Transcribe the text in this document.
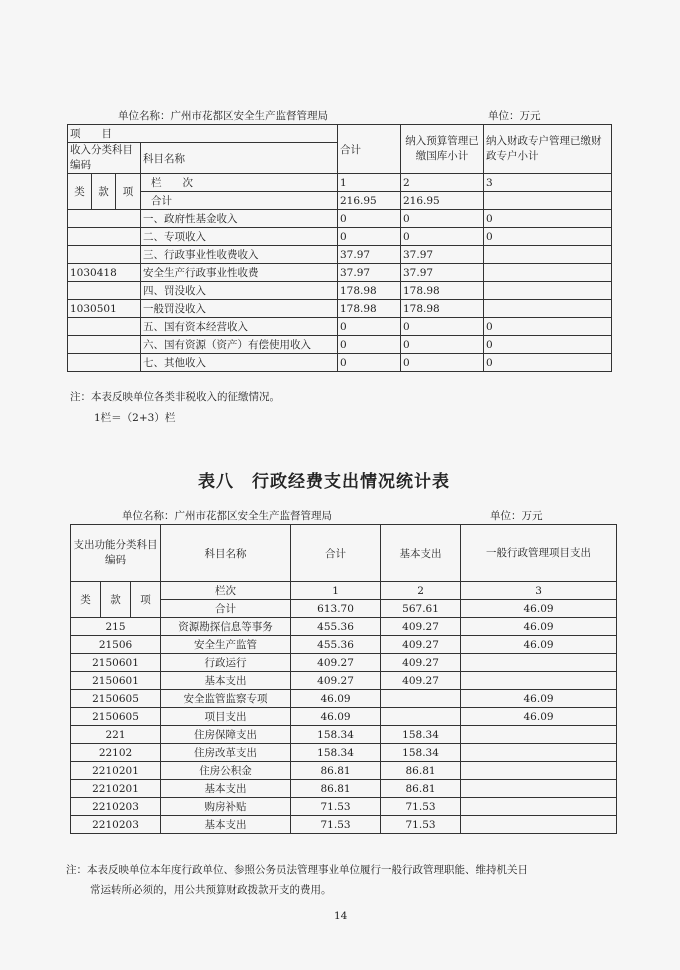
单位名称：广州市花都区安全生产监督管理局	单位：万元
项　　目				合计	纳入预算管理已缴国库小计	纳入财政专户管理已缴财政专户小计
收入分类科目编码			科目名称			

类	款	项	栏　　次	1	2	3
			合计	216.95	216.95	
			一、政府性基金收入	0	0	0
			二、专项收入	0	0	0
			三、行政事业性收费收入	37.97	37.97	
1030418			安全生产行政事业性收费	37.97	37.97	
			四、罚没收入	178.98	178.98	
1030501			一般罚没收入	178.98	178.98	
			五、国有资本经营收入	0	0	0
			六、国有资源（资产）有偿使用收入	0	0	0
			七、其他收入	0	0	0
注：本表反映单位各类非税收入的征缴情况。
1栏＝（2+3）栏
表八　行政经费支出情况统计表
单位名称：广州市花都区安全生产监督管理局	单位：万元
支出功能分类科目编码			科目名称	合计	基本支出	一般行政管理项目支出
类	款	项	栏次	1	2	3
			合计	613.70	567.61	46.09
215			资源勘探信息等事务	455.36	409.27	46.09
21506			安全生产监管	455.36	409.27	46.09
2150601			行政运行	409.27	409.27	
2150601			基本支出	409.27	409.27	
2150605			安全监管监察专项	46.09		46.09
2150605			项目支出	46.09		46.09
221			住房保障支出	158.34	158.34	
22102			住房改革支出	158.34	158.34	
2210201			住房公积金	86.81	86.81	
2210201			基本支出	86.81	86.81	
2210203			购房补贴	71.53	71.53	
2210203			基本支出	71.53	71.53	
注：本表反映单位本年度行政单位、参照公务员法管理事业单位履行一般行政管理职能、维持机关日
常运转所必须的，用公共预算财政拨款开支的费用。
14
